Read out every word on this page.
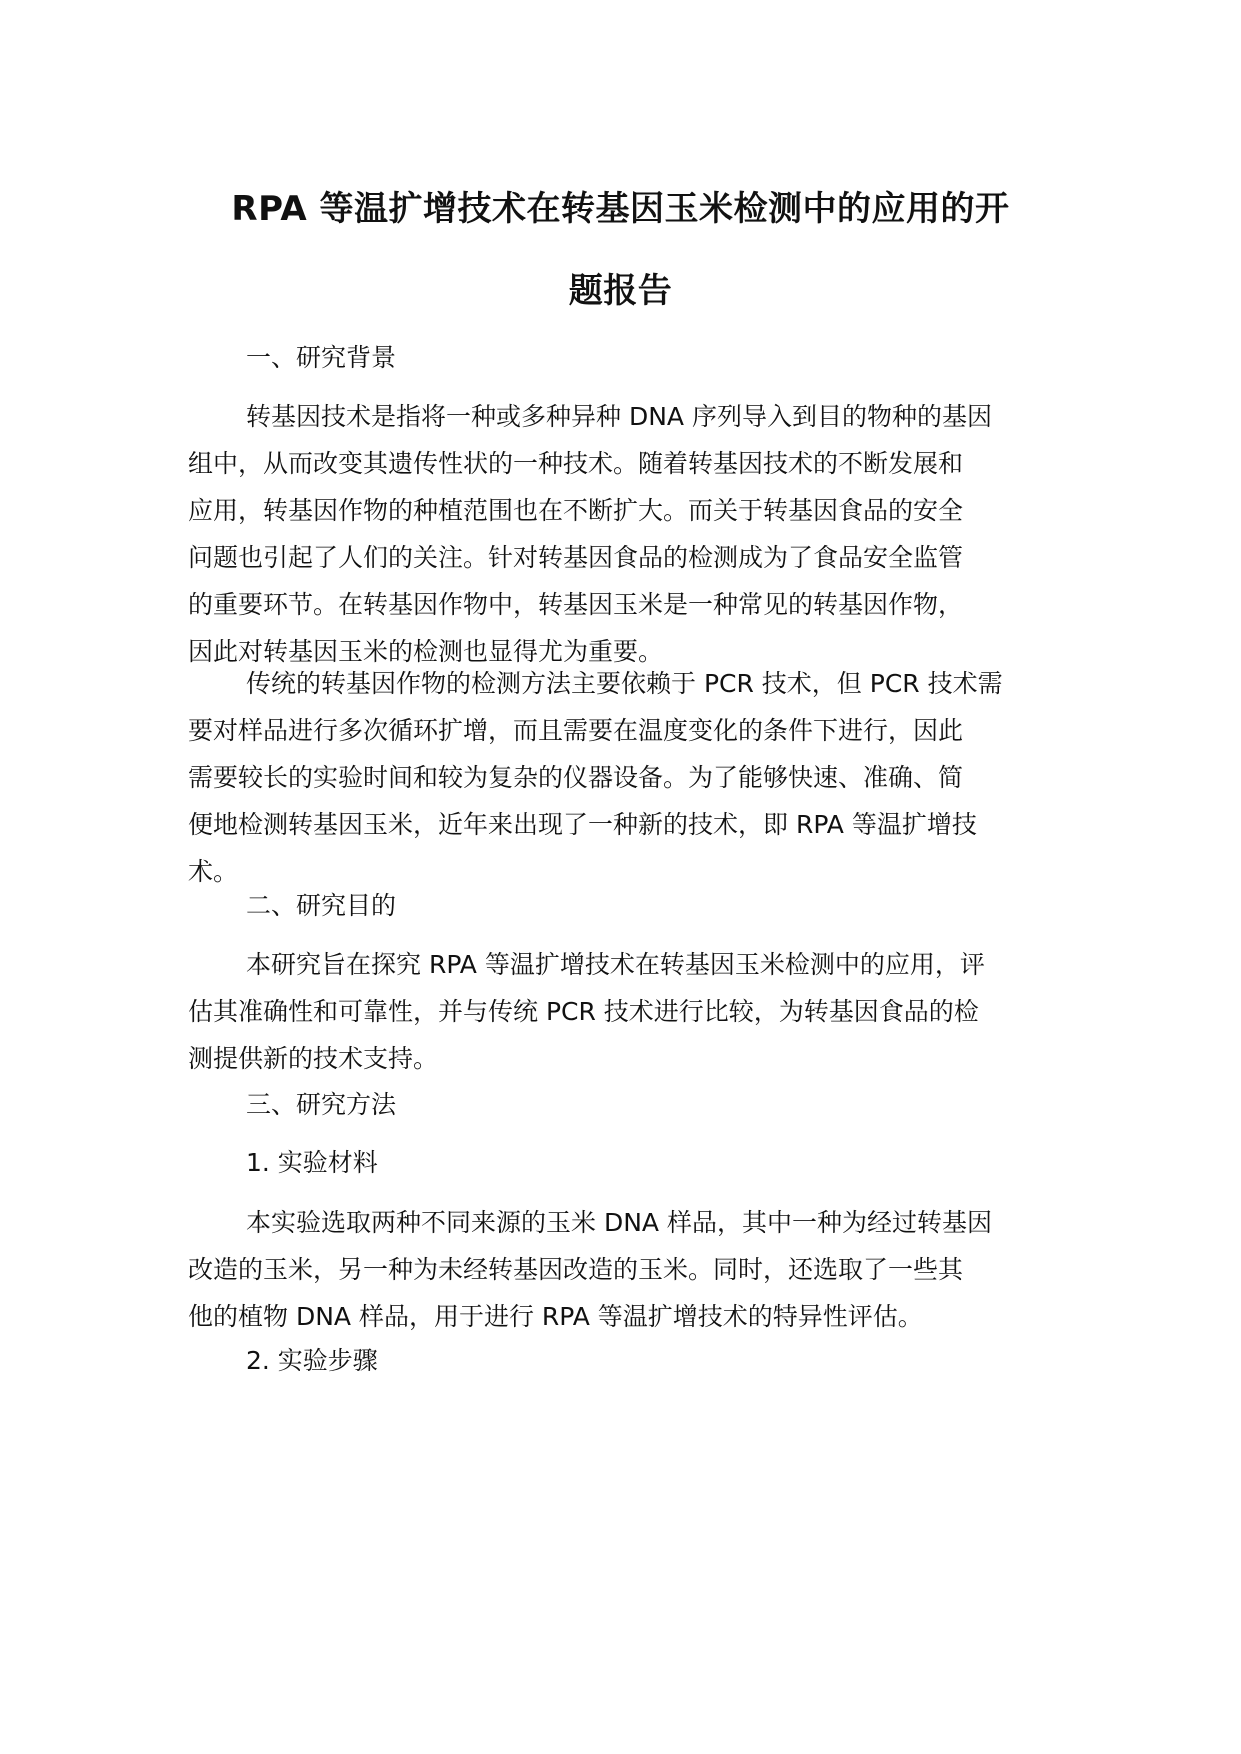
RPA 等温扩增技术在转基因玉米检测中的应用的开
题报告
一、研究背景

转基因技术是指将一种或多种异种 DNA 序列导入到目的物种的基因
组中，从而改变其遗传性状的一种技术。随着转基因技术的不断发展和
应用，转基因作物的种植范围也在不断扩大。而关于转基因食品的安全
问题也引起了人们的关注。针对转基因食品的检测成为了食品安全监管
的重要环节。在转基因作物中，转基因玉米是一种常见的转基因作物，
因此对转基因玉米的检测也显得尤为重要。

传统的转基因作物的检测方法主要依赖于 PCR 技术，但 PCR 技术需
要对样品进行多次循环扩增，而且需要在温度变化的条件下进行，因此
需要较长的实验时间和较为复杂的仪器设备。为了能够快速、准确、简
便地检测转基因玉米，近年来出现了一种新的技术，即 RPA 等温扩增技
术。

二、研究目的

本研究旨在探究 RPA 等温扩增技术在转基因玉米检测中的应用，评
估其准确性和可靠性，并与传统 PCR 技术进行比较，为转基因食品的检
测提供新的技术支持。

三、研究方法
1. 实验材料

本实验选取两种不同来源的玉米 DNA 样品，其中一种为经过转基因
改造的玉米，另一种为未经转基因改造的玉米。同时，还选取了一些其
他的植物 DNA 样品，用于进行 RPA 等温扩增技术的特异性评估。

2. 实验步骤
